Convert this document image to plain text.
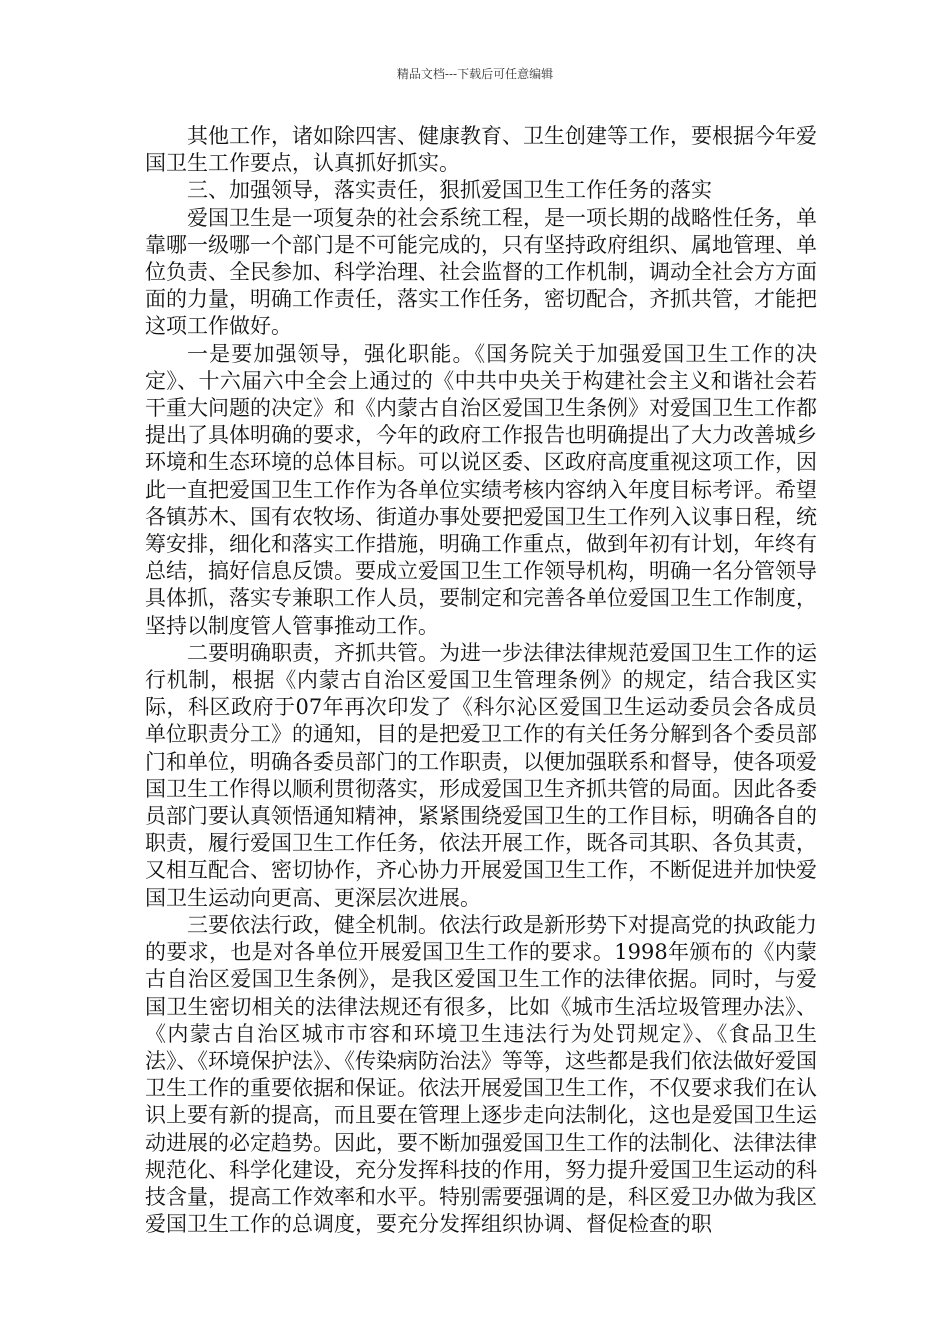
精品文档---下载后可任意编辑

其他工作，诸如除四害、健康教育、卫生创建等工作，要根据今年爱国卫生工作要点，认真抓好抓实。

三、加强领导，落实责任，狠抓爱国卫生工作任务的落实

爱国卫生是一项复杂的社会系统工程，是一项长期的战略性任务，单靠哪一级哪一个部门是不可能完成的，只有坚持政府组织、属地管理、单位负责、全民参加、科学治理、社会监督的工作机制，调动全社会方方面面的力量，明确工作责任，落实工作任务，密切配合，齐抓共管，才能把这项工作做好。

一是要加强领导，强化职能。《国务院关于加强爱国卫生工作的决定》、十六届六中全会上通过的《中共中央关于构建社会主义和谐社会若干重大问题的决定》和《内蒙古自治区爱国卫生条例》对爱国卫生工作都提出了具体明确的要求，今年的政府工作报告也明确提出了大力改善城乡环境和生态环境的总体目标。可以说区委、区政府高度重视这项工作，因此一直把爱国卫生工作作为各单位实绩考核内容纳入年度目标考评。希望各镇苏木、国有农牧场、街道办事处要把爱国卫生工作列入议事日程，统筹安排，细化和落实工作措施，明确工作重点，做到年初有计划，年终有总结，搞好信息反馈。要成立爱国卫生工作领导机构，明确一名分管领导具体抓，落实专兼职工作人员，要制定和完善各单位爱国卫生工作制度，坚持以制度管人管事推动工作。

二要明确职责，齐抓共管。为进一步法律法律规范爱国卫生工作的运行机制，根据《内蒙古自治区爱国卫生管理条例》的规定，结合我区实际，科区政府于07年再次印发了《科尔沁区爱国卫生运动委员会各成员单位职责分工》的通知，目的是把爱卫工作的有关任务分解到各个委员部门和单位，明确各委员部门的工作职责，以便加强联系和督导，使各项爱国卫生工作得以顺利贯彻落实，形成爱国卫生齐抓共管的局面。因此各委员部门要认真领悟通知精神，紧紧围绕爱国卫生的工作目标，明确各自的职责，履行爱国卫生工作任务，依法开展工作，既各司其职、各负其责，又相互配合、密切协作，齐心协力开展爱国卫生工作，不断促进并加快爱国卫生运动向更高、更深层次进展。

三要依法行政，健全机制。依法行政是新形势下对提高党的执政能力的要求，也是对各单位开展爱国卫生工作的要求。1998年颁布的《内蒙古自治区爱国卫生条例》，是我区爱国卫生工作的法律依据。同时，与爱国卫生密切相关的法律法规还有很多，比如《城市生活垃圾管理办法》、《内蒙古自治区城市市容和环境卫生违法行为处罚规定》、《食品卫生法》、《环境保护法》、《传染病防治法》等等，这些都是我们依法做好爱国卫生工作的重要依据和保证。依法开展爱国卫生工作，不仅要求我们在认识上要有新的提高，而且要在管理上逐步走向法制化，这也是爱国卫生运动进展的必定趋势。因此，要不断加强爱国卫生工作的法制化、法律法律规范化、科学化建设，充分发挥科技的作用，努力提升爱国卫生运动的科技含量，提高工作效率和水平。特别需要强调的是，科区爱卫办做为我区爱国卫生工作的总调度，要充分发挥组织协调、督促检查的职
